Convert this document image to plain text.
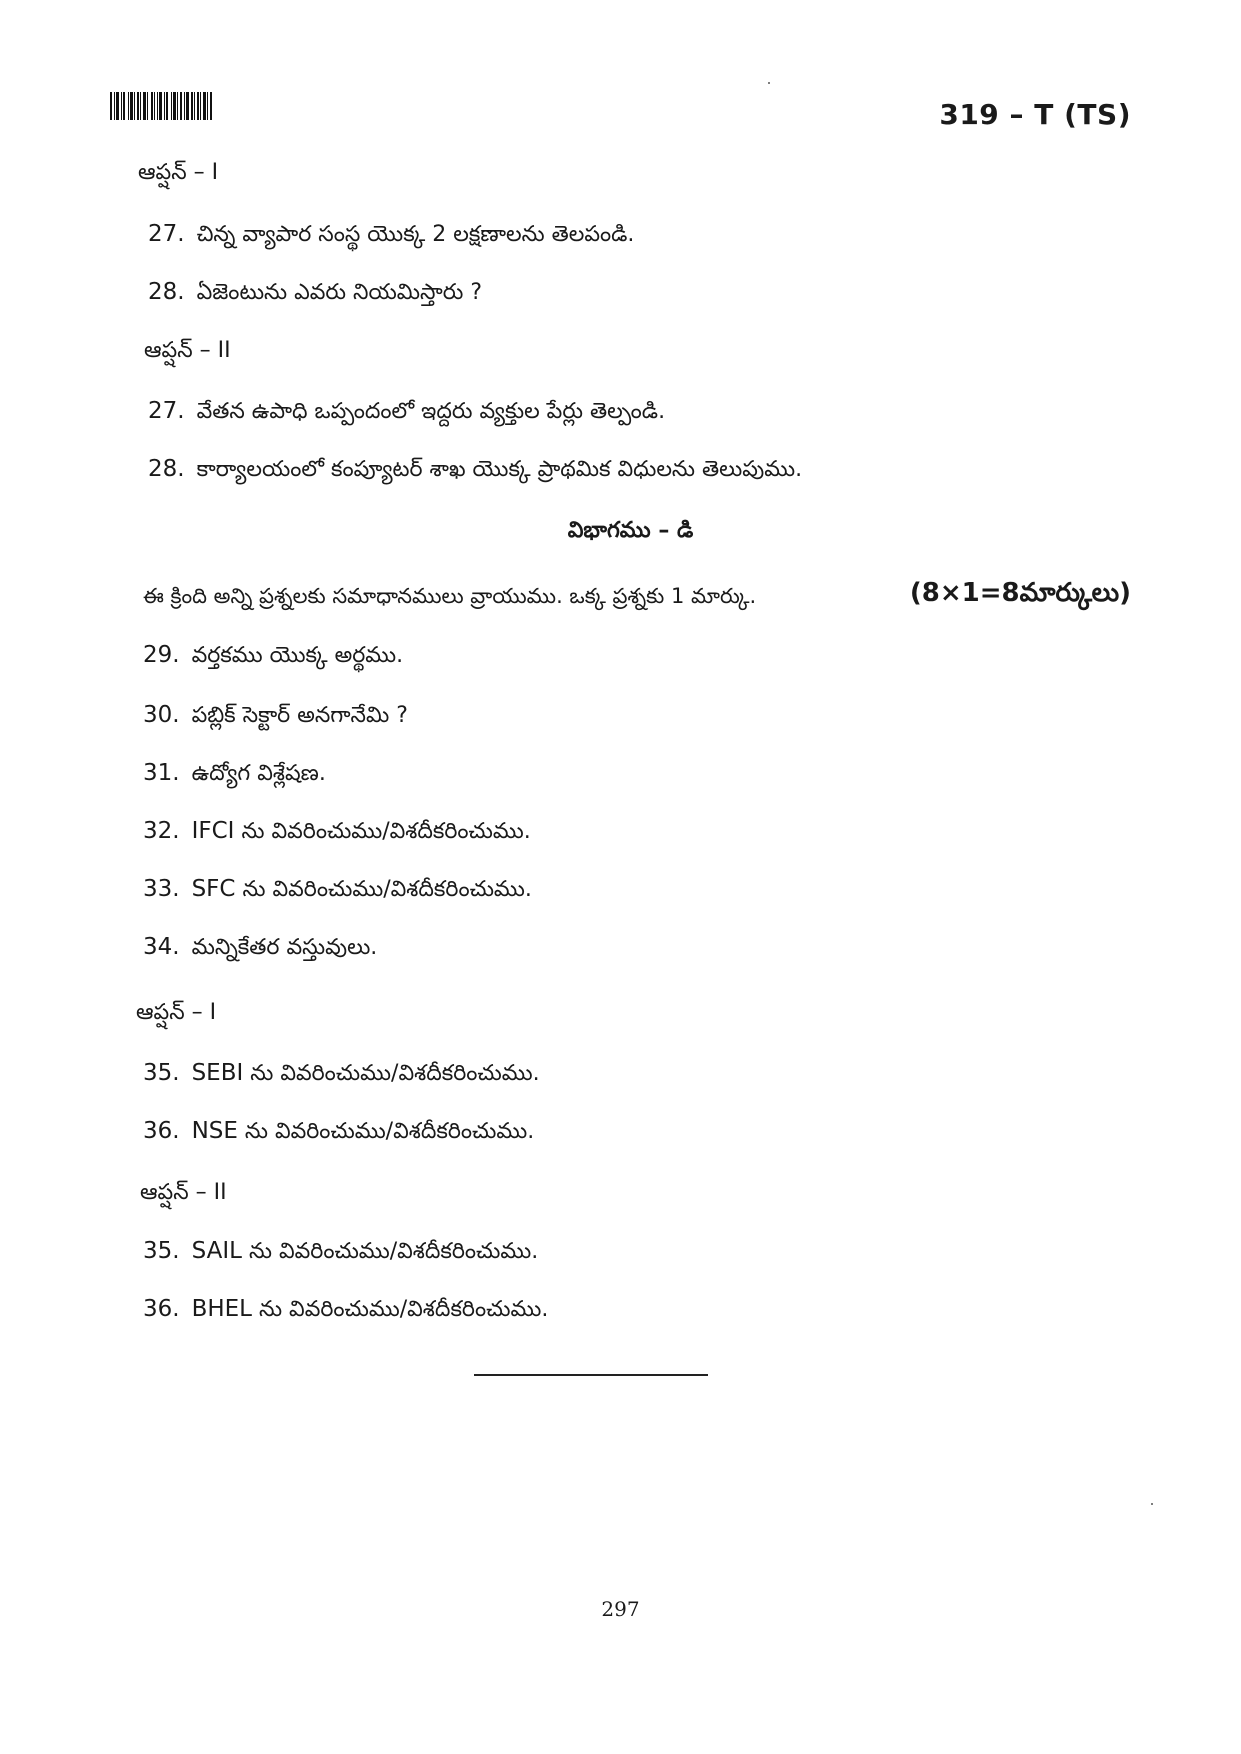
319 – T (TS)
ఆప్షన్ – I
27. చిన్న వ్యాపార సంస్థ యొక్క 2 లక్షణాలను తెలపండి.
28. ఏజెంటును ఎవరు నియమిస్తారు ?
ఆప్షన్ – II
27. వేతన ఉపాధి ఒప్పందంలో ఇద్దరు వ్యక్తుల పేర్లు తెల్పండి.
28. కార్యాలయంలో కంప్యూటర్ శాఖ యొక్క ప్రాథమిక విధులను తెలుపుము.
విభాగము – డి
ఈ క్రింది అన్ని ప్రశ్నలకు సమాధానములు వ్రాయుము. ఒక్క ప్రశ్నకు 1 మార్కు.	(8×1=8మార్కులు)
29. వర్తకము యొక్క అర్థము.
30. పబ్లిక్ సెక్టార్ అనగానేమి ?
31. ఉద్యోగ విశ్లేషణ.
32. IFCI ను వివరించుము/విశదీకరించుము.
33. SFC ను వివరించుము/విశదీకరించుము.
34. మన్నికేతర వస్తువులు.
ఆప్షన్ – I
35. SEBI ను వివరించుము/విశదీకరించుము.
36. NSE ను వివరించుము/విశదీకరించుము.
ఆప్షన్ – II
35. SAIL ను వివరించుము/విశదీకరించుము.
36. BHEL ను వివరించుము/విశదీకరించుము.
297
